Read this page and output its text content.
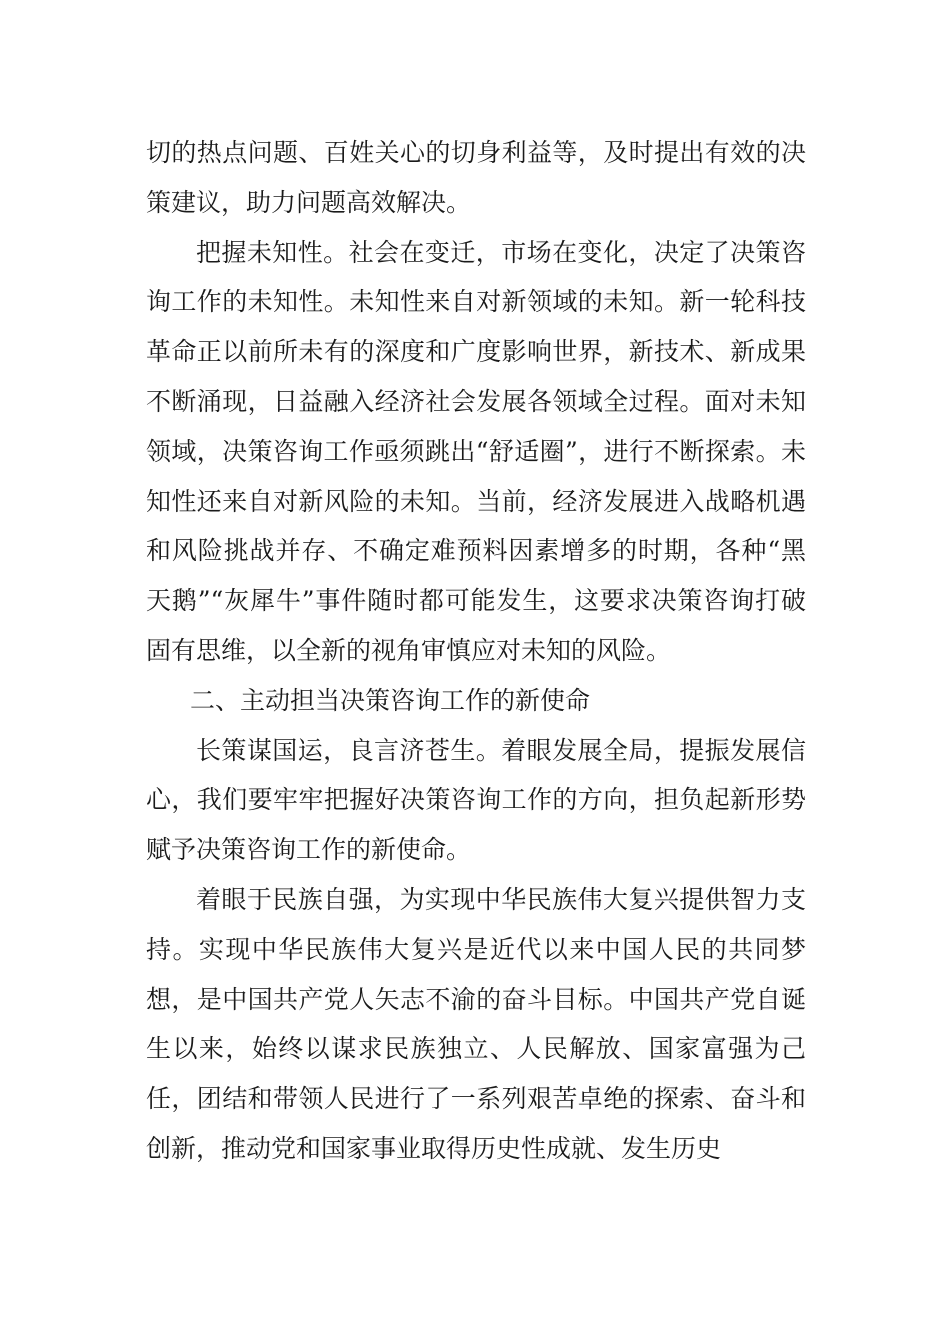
切的热点问题、百姓关心的切身利益等，及时提出有效的决策建议，助力问题高效解决。

把握未知性。社会在变迁，市场在变化，决定了决策咨询工作的未知性。未知性来自对新领域的未知。新一轮科技革命正以前所未有的深度和广度影响世界，新技术、新成果不断涌现，日益融入经济社会发展各领域全过程。面对未知领域，决策咨询工作亟须跳出“舒适圈”，进行不断探索。未知性还来自对新风险的未知。当前，经济发展进入战略机遇和风险挑战并存、不确定难预料因素增多的时期，各种“黑天鹅”“灰犀牛”事件随时都可能发生，这要求决策咨询打破固有思维，以全新的视角审慎应对未知的风险。

二、主动担当决策咨询工作的新使命

长策谋国运，良言济苍生。着眼发展全局，提振发展信心，我们要牢牢把握好决策咨询工作的方向，担负起新形势赋予决策咨询工作的新使命。

着眼于民族自强，为实现中华民族伟大复兴提供智力支持。实现中华民族伟大复兴是近代以来中国人民的共同梦想，是中国共产党人矢志不渝的奋斗目标。中国共产党自诞生以来，始终以谋求民族独立、人民解放、国家富强为己任，团结和带领人民进行了一系列艰苦卓绝的探索、奋斗和创新，推动党和国家事业取得历史性成就、发生历史
